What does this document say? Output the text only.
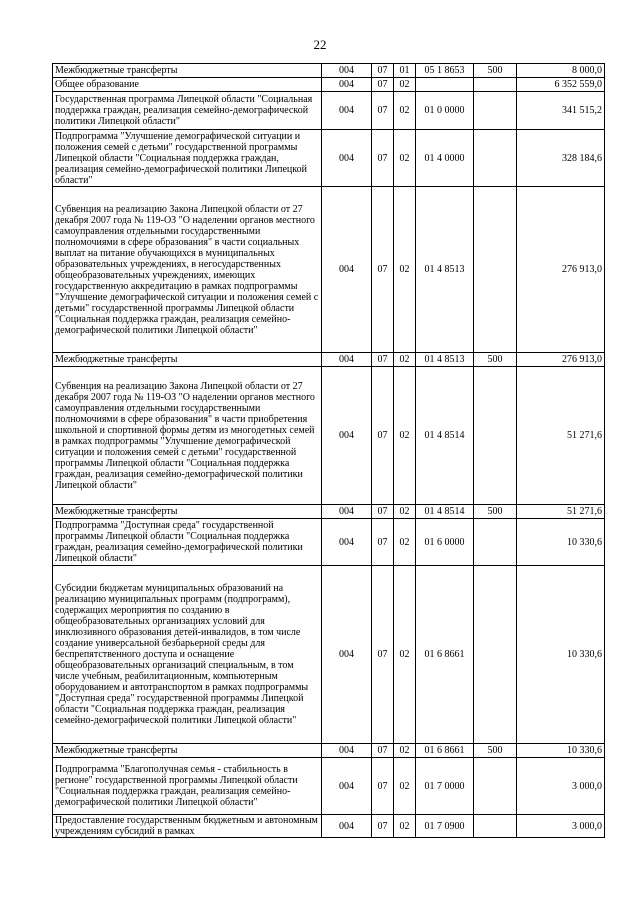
22
Межбюджетные трансферты	004	07	01	05 1 8653	500	8 000,0
Общее образование	004	07	02			6 352 559,0
Государственная программа Липецкой области "Социальная поддержка граждан, реализация семейно-демографической политики Липецкой области"	004	07	02	01 0 0000		341 515,2
Подпрограмма "Улучшение демографической ситуации и положения семей с детьми" государственной программы Липецкой области "Социальная поддержка граждан, реализация семейно-демографической политики Липецкой области"	004	07	02	01 4 0000		328 184,6
Субвенция на реализацию Закона Липецкой области от 27 декабря 2007 года № 119-ОЗ "О наделении органов местного самоуправления отдельными государственными полномочиями в сфере образования" в части социальных выплат на питание обучающихся в муниципальных образовательных учреждениях, в негосударственных общеобразовательных учреждениях, имеющих государственную аккредитацию в рамках подпрограммы "Улучшение демографической ситуации и положения семей с детьми" государственной программы Липецкой области "Социальная поддержка граждан, реализация семейно-демографической политики Липецкой области"	004	07	02	01 4 8513		276 913,0
Межбюджетные трансферты	004	07	02	01 4 8513	500	276 913,0
Субвенция на реализацию Закона Липецкой области от 27 декабря 2007 года № 119-ОЗ "О наделении органов местного самоуправления отдельными государственными полномочиями в сфере образования" в части приобретения школьной и спортивной формы детям из многодетных семей в рамках подпрограммы "Улучшение демографической ситуации и положения семей с детьми" государственной программы Липецкой области "Социальная поддержка граждан, реализация семейно-демографической политики Липецкой области"	004	07	02	01 4 8514		51 271,6
Межбюджетные трансферты	004	07	02	01 4 8514	500	51 271,6
Подпрограмма "Доступная среда" государственной программы Липецкой области "Социальная поддержка граждан, реализация семейно-демографической политики Липецкой области"	004	07	02	01 6 0000		10 330,6
Субсидии бюджетам муниципальных образований на реализацию муниципальных программ (подпрограмм), содержащих мероприятия по созданию в общеобразовательных организациях условий для инклюзивного образования детей-инвалидов, в том числе создание универсальной безбарьерной среды для беспрепятственного доступа и оснащение общеобразовательных организаций специальным, в том числе учебным, реабилитационным, компьютерным оборудованием и автотранспортом в рамках подпрограммы "Доступная среда" государственной программы Липецкой области "Социальная поддержка граждан, реализация семейно-демографической политики Липецкой области"	004	07	02	01 6 8661		10 330,6
Межбюджетные трансферты	004	07	02	01 6 8661	500	10 330,6
Подпрограмма "Благополучная семья - стабильность в регионе" государственной программы Липецкой области "Социальная поддержка граждан, реализация семейно-демографической политики Липецкой области"	004	07	02	01 7 0000		3 000,0
Предоставление государственным бюджетным и автономным учреждениям субсидий в рамках	004	07	02	01 7 0900		3 000,0
